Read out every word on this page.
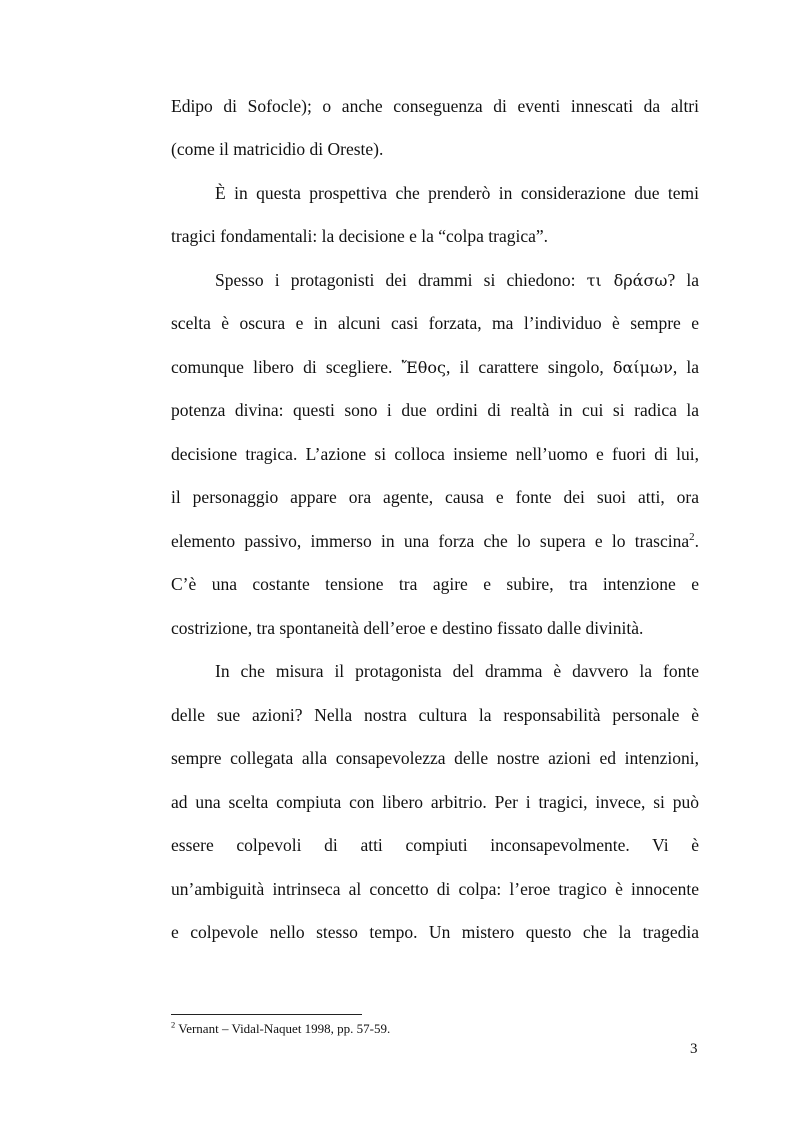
Edipo di Sofocle); o anche conseguenza di eventi innescati da altri
(come il matricidio di Oreste).
È in questa prospettiva che prenderò in considerazione due temi
tragici fondamentali: la decisione e la “colpa tragica”.
Spesso i protagonisti dei drammi si chiedono: τι δράσω? la
scelta è oscura e in alcuni casi forzata, ma l’individuo è sempre e
comunque libero di scegliere. Ἔθος, il carattere singolo, δαίμων, la
potenza divina: questi sono i due ordini di realtà in cui si radica la
decisione tragica. L’azione si colloca insieme nell’uomo e fuori di lui,
il personaggio appare ora agente, causa e fonte dei suoi atti, ora
elemento passivo, immerso in una forza che lo supera e lo trascina$^2$.
C’è una costante tensione tra agire e subire, tra intenzione e
costrizione, tra spontaneità dell’eroe e destino fissato dalle divinità.
In che misura il protagonista del dramma è davvero la fonte
delle sue azioni? Nella nostra cultura la responsabilità personale è
sempre collegata alla consapevolezza delle nostre azioni ed intenzioni,
ad una scelta compiuta con libero arbitrio. Per i tragici, invece, si può
essere colpevoli di atti compiuti inconsapevolmente. Vi è
un’ambiguità intrinseca al concetto di colpa: l’eroe tragico è innocente
e colpevole nello stesso tempo. Un mistero questo che la tragedia
$^2$ Vernant – Vidal-Naquet 1998, pp. 57-59.
3
